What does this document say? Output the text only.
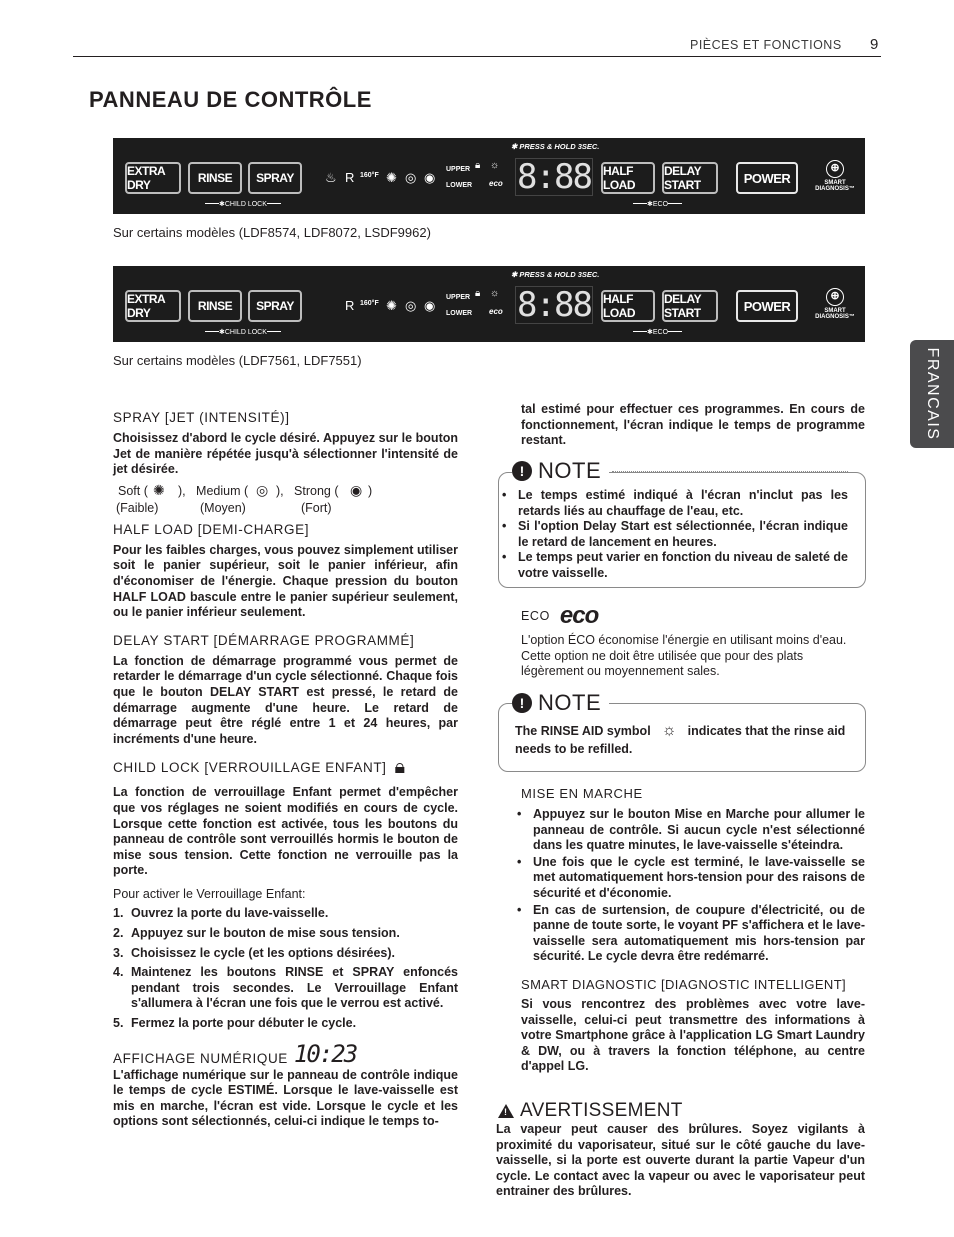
PIÈCES ET FONCTIONS 9
PANNEAU DE CONTRÔLE
FRANCAIS
EXTRA DRY	RINSE	SPRAY
✱CHILD LOCK
♨ R 160°F ✺ ◎ ◉
UPPER
LOWER
🔒︎ ☼
eco
✱ PRESS & HOLD 3SEC.
8:88 HALF LOAD
DELAY START
✱ECO
POWER
⊕
SMART
DIAGNOSIS™
Sur certains modèles (LDF8574, LDF8072, LSDF9962)
EXTRA DRY	RINSE	SPRAY
✱CHILD LOCK
R 160°F ✺ ◎ ◉
UPPER
LOWER
🔒︎ ☼
eco
✱ PRESS & HOLD 3SEC.
8:88 HALF LOAD
DELAY START
✱ECO
POWER
⊕
SMART
DIAGNOSIS™
Sur certains modèles (LDF7561, LDF7551)
SPRAY [JET (INTENSITÉ)]
Choisissez d'abord le cycle désiré. Appuyez sur le bouton Jet de manière répétée jusqu'à sélectionner l'intensité de jet désirée.
Soft ( ✺ ),   Medium ( ◎ ),   Strong ( ◉ )
(Faible)	(Moyen)	(Fort)
HALF LOAD [DEMI-CHARGE]
Pour les faibles charges, vous pouvez simplement utiliser soit le panier supérieur, soit le panier inférieur, afin d'économiser de l'énergie. Chaque pression du bouton HALF LOAD bascule entre le panier supérieur seulement, ou le panier inférieur seulement.
DELAY START [DÉMARRAGE PROGRAMMÉ]
La fonction de démarrage programmé vous permet de retarder le démarrage d'un cycle sélectionné. Chaque fois que le bouton DELAY START est pressé, le retard de démarrage augmente d'une heure. Le retard de démarrage peut être réglé entre 1 et 24 heures, par incréments d'une heure.
CHILD LOCK [VERROUILLAGE ENFANT] 🔒︎
La fonction de verrouillage Enfant permet d'empêcher que vos réglages ne soient modifiés en cours de cycle. Lorsque cette fonction est activée, tous les boutons du panneau de contrôle sont verrouillés hormis le bouton de mise sous tension. Cette fonction ne verrouille pas la porte.
Pour activer le Verrouillage Enfant:
1. Ouvrez la porte du lave-vaisselle.
2. Appuyez sur le bouton de mise sous tension.
3. Choisissez le cycle (et les options désirées).
4. Maintenez les boutons RINSE et SPRAY enfoncés pendant trois secondes. Le Verrouillage Enfant s'allumera à l'écran une fois que le verrou est activé.
5. Fermez la porte pour débuter le cycle.
AFFICHAGE NUMÉRIQUE 10:23
L'affichage numérique sur le panneau de contrôle indique le temps de cycle ESTIMÉ. Lorsque le lave-vaisselle est mis en marche, l'écran est vide. Lorsque le cycle et les options sont sélectionnés, celui-ci indique le temps to-
tal estimé pour effectuer ces programmes. En cours de fonctionnement, l'écran indique le temps de programme restant.
! NOTE
• Le temps estimé indiqué à l'écran n'inclut pas les retards liés au chauffage de l'eau, etc.
• Si l'option Delay Start est sélectionnée, l'écran indique le retard de lancement en heures.
• Le temps peut varier en fonction du niveau de saleté de votre vaisselle.
ECO eco
L'option ÉCO économise l'énergie en utilisant moins d'eau. Cette option ne doit être utilisée que pour des plats légèrement ou moyennement sales.
! NOTE
The RINSE AID symbol ☼ indicates that the rinse aid needs to be refilled.
MISE EN MARCHE
• Appuyez sur le bouton Mise en Marche pour allumer le panneau de contrôle. Si aucun cycle n'est sélectionné dans les quatre minutes, le lave-vaisselle s'éteindra.
• Une fois que le cycle est terminé, le lave-vaisselle se met automatiquement hors-tension pour des raisons de sécurité et d'économie.
• En cas de surtension, de coupure d'électricité, ou de panne de toute sorte, le voyant PF s'affichera et le lave-vaisselle sera automatiquement mis hors-tension par sécurité. Le cycle devra être redémarré.
SMART DIAGNOSTIC [DIAGNOSTIC INTELLIGENT]
Si vous rencontrez des problèmes avec votre lave-vaisselle, celui-ci peut transmettre des informations à votre Smartphone grâce à l'application LG Smart Laundry & DW, ou à travers la fonction téléphone, au centre d'appel LG.
! AVERTISSEMENT
La vapeur peut causer des brûlures. Soyez vigilants à proximité du vaporisateur, situé sur le côté gauche du lave-vaisselle, si la porte est ouverte durant la partie Vapeur d'un cycle. Le contact avec la vapeur ou avec le vaporisateur peut entrainer des brûlures.
